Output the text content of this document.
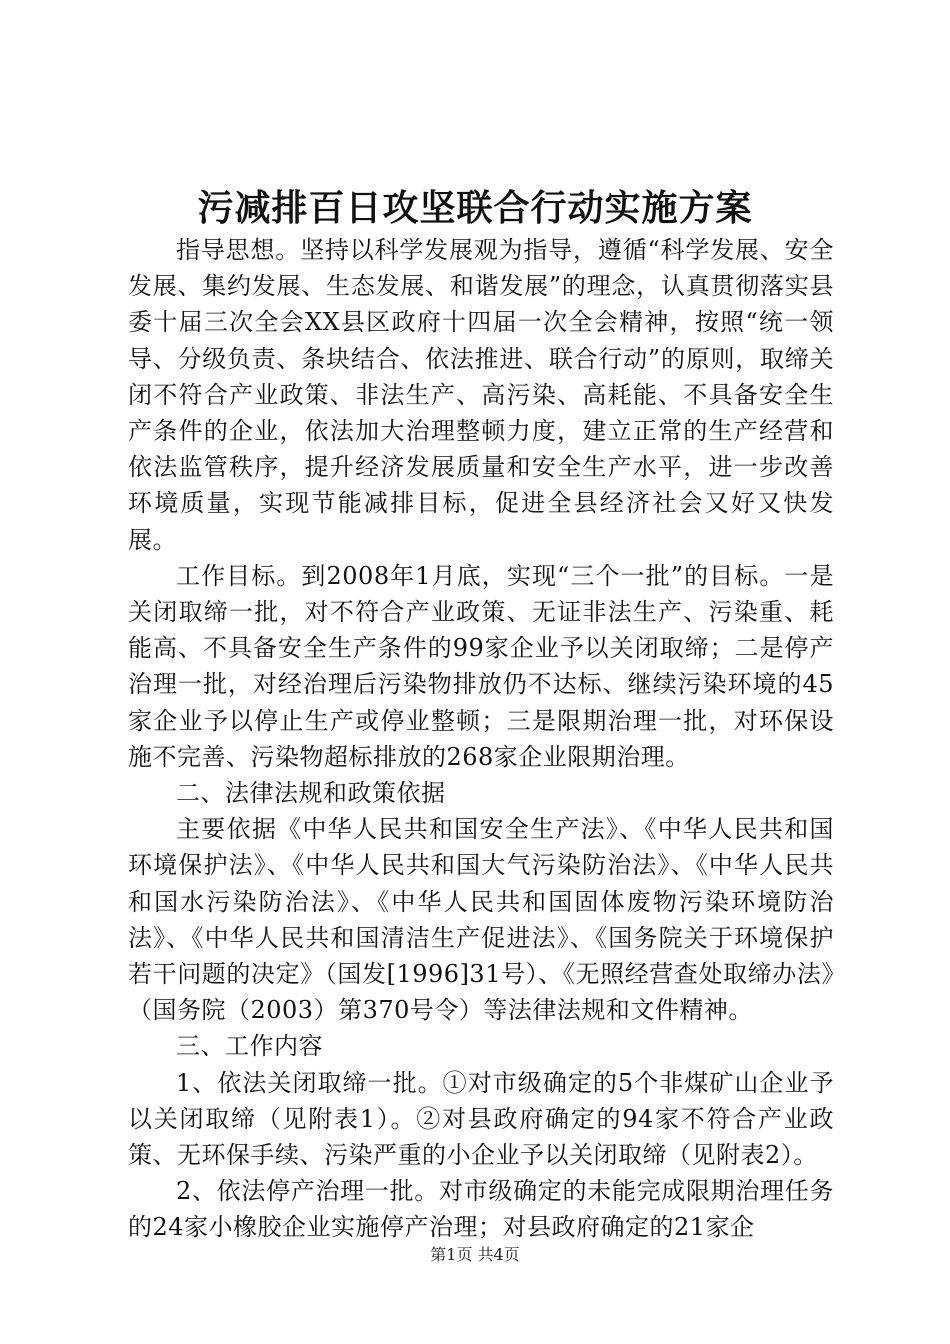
污减排百日攻坚联合行动实施方案

指导思想。坚持以科学发展观为指导，遵循“科学发展、安全发展、集约发展、生态发展、和谐发展”的理念，认真贯彻落实县委十届三次全会XX县区政府十四届一次全会精神，按照“统一领导、分级负责、条块结合、依法推进、联合行动”的原则，取缔关闭不符合产业政策、非法生产、高污染、高耗能、不具备安全生产条件的企业，依法加大治理整顿力度，建立正常的生产经营和依法监管秩序，提升经济发展质量和安全生产水平，进一步改善环境质量，实现节能减排目标，促进全县经济社会又好又快发展。

工作目标。到2008年1月底，实现“三个一批”的目标。一是关闭取缔一批，对不符合产业政策、无证非法生产、污染重、耗能高、不具备安全生产条件的99家企业予以关闭取缔；二是停产治理一批，对经治理后污染物排放仍不达标、继续污染环境的45家企业予以停止生产或停业整顿；三是限期治理一批，对环保设施不完善、污染物超标排放的268家企业限期治理。

二、法律法规和政策依据

主要依据《中华人民共和国安全生产法》、《中华人民共和国环境保护法》、《中华人民共和国大气污染防治法》、《中华人民共和国水污染防治法》、《中华人民共和国固体废物污染环境防治法》、《中华人民共和国清洁生产促进法》、《国务院关于环境保护若干问题的决定》（国发[1996]31号）、《无照经营查处取缔办法》（国务院（2003）第370号令）等法律法规和文件精神。

三、工作内容

1、依法关闭取缔一批。①对市级确定的5个非煤矿山企业予以关闭取缔（见附表1）。②对县政府确定的94家不符合产业政策、无环保手续、污染严重的小企业予以关闭取缔（见附表2）。

2、依法停产治理一批。对市级确定的未能完成限期治理任务的24家小橡胶企业实施停产治理；对县政府确定的21家企

第1页 共4页
